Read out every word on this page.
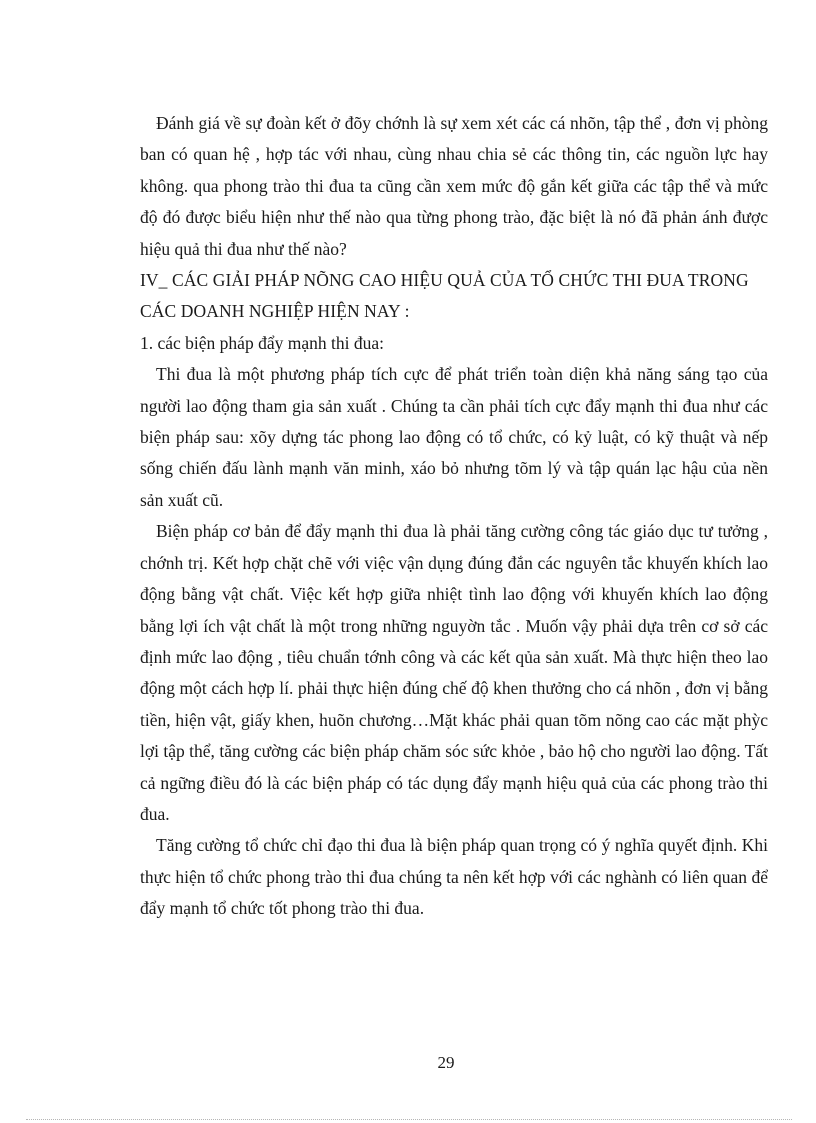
Đánh giá về sự đoàn kết ở đõy chớnh là sự xem xét các cá nhõn, tập thể , đơn vị phòng ban có quan hệ , hợp tác với nhau, cùng nhau chia sẻ các thông tin, các nguồn lực hay không. qua phong trào thi đua ta cũng cần xem mức độ gắn kết giữa các tập thể và mức độ đó được biểu hiện như thế nào qua từng phong trào, đặc biệt là nó đã phản ánh được hiệu quả thi đua như thế nào?

IV_ CÁC GIẢI PHÁP NÕNG CAO HIỆU QUẢ CỦA TỔ CHỨC THI ĐUA TRONG CÁC DOANH NGHIỆP HIỆN NAY :

1. các biện pháp đẩy mạnh thi đua:

Thi đua là một phương pháp tích cực để phát triển toàn diện khả năng sáng tạo của người lao động tham gia sản xuất . Chúng ta cần phải tích cực đẩy mạnh thi đua như các biện pháp sau: xõy dựng tác phong lao động có tổ chức, có kỷ luật, có kỹ thuật và nếp sống chiến đấu lành mạnh văn minh, xáo bỏ nhưng tõm lý và tập quán lạc hậu của nền sản xuất cũ.

Biện pháp cơ bản để đẩy mạnh thi đua là phải tăng cường công tác giáo dục tư tưởng , chớnh trị. Kết hợp chặt chẽ với việc vận dụng đúng đắn các nguyên tắc khuyến khích lao động bằng vật chất. Việc kết hợp giữa nhiệt tình lao động với khuyến khích lao động bằng lợi ích vật chất là một trong những nguyờn tắc . Muốn vậy phải dựa trên cơ sở các định mức lao động , tiêu chuẩn tớnh công và các kết qủa sản xuất. Mà thực hiện theo lao động một cách hợp lí. phải thực hiện đúng chế độ khen thưởng cho cá nhõn , đơn vị bằng tiền, hiện vật, giấy khen, huõn chương…Mặt khác phải quan tõm nõng cao các mặt phỳc lợi tập thể, tăng cường các biện pháp chăm sóc sức khỏe , bảo hộ cho người lao động. Tất cả ngững điều đó là các biện pháp có tác dụng đẩy mạnh hiệu quả của các phong trào thi đua.

Tăng cường tổ chức chỉ đạo thi đua là biện pháp quan trọng có ý nghĩa quyết định. Khi thực hiện tổ chức phong trào thi đua chúng ta nên kết hợp với các nghành có liên quan để đẩy mạnh tổ chức tốt phong trào thi đua.

29
